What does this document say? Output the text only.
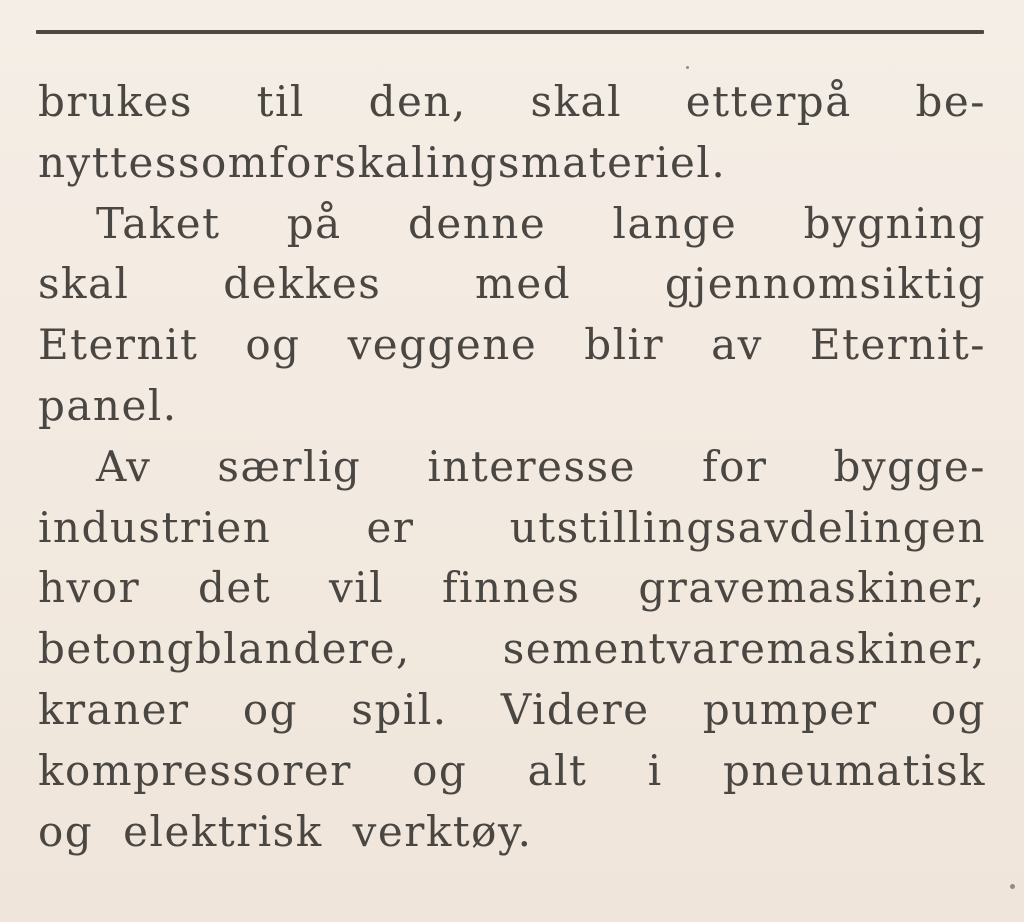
brukes til den, skal etterpå be-
nyttes som forskalingsmateriel.
Taket på denne lange bygning
skal dekkes med gjennomsiktig
Eternit og veggene blir av Eternit-
panel.
Av særlig interesse for bygge-
industrien er utstillingsavdelingen
hvor det vil finnes gravemaskiner,
betongblandere, sementvaremaskiner,
kraner og spil. Videre pumper og
kompressorer og alt i pneumatisk
og elektrisk verktøy.
